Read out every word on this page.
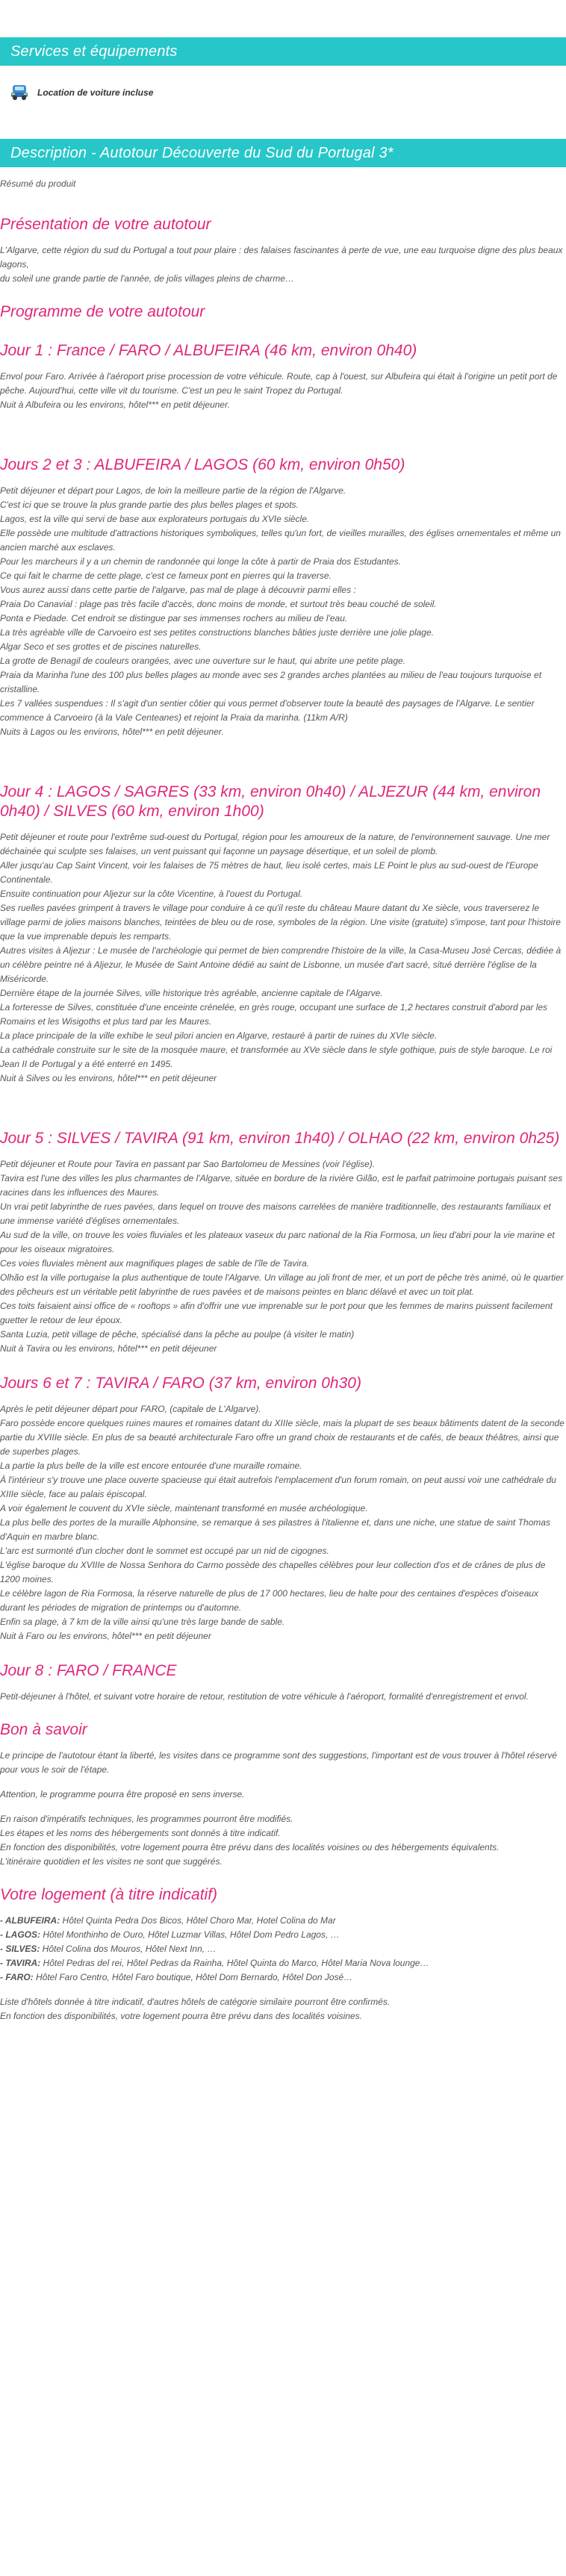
Services et équipements
Location de voiture incluse
Description - Autotour Découverte du Sud du Portugal 3*

Résumé du produit

Présentation de votre autotour
L'Algarve, cette région du sud du Portugal a tout pour plaire : des falaises fascinantes à perte de vue, une eau turquoise digne des plus beaux lagons,
du soleil une grande partie de l'année, de jolis villages pleins de charme…
Programme de votre autotour
Jour 1 : France / FARO / ALBUFEIRA (46 km, environ 0h40)
Envol pour Faro. Arrivée à l'aéroport prise procession de votre véhicule. Route, cap à l'ouest, sur Albufeira qui était à l'origine un petit port de pêche. Aujourd'hui, cette ville vit du tourisme. C'est un peu le saint Tropez du Portugal.
Nuit à Albufeira ou les environs, hôtel*** en petit déjeuner.
Jours 2 et 3 : ALBUFEIRA / LAGOS (60 km, environ 0h50)
Petit déjeuner et départ pour Lagos, de loin la meilleure partie de la région de l'Algarve.
C'est ici que se trouve la plus grande partie des plus belles plages et spots.
Lagos, est la ville qui servi de base aux explorateurs portugais du XVIe siècle.
Elle possède une multitude d'attractions historiques symboliques, telles qu'un fort, de vieilles murailles, des églises ornementales et même un ancien marché aux esclaves.
Pour les marcheurs il y a un chemin de randonnée qui longe la côte à partir de Praia dos Estudantes.
Ce qui fait le charme de cette plage, c'est ce fameux pont en pierres qui la traverse.
Vous aurez aussi dans cette partie de l'algarve, pas mal de plage à découvrir parmi elles :
Praia Do Canavial : plage pas très facile d'accès, donc moins de monde, et surtout très beau couché de soleil.
Ponta e Piedade. Cet endroit se distingue par ses immenses rochers au milieu de l'eau.
La très agréable ville de Carvoeiro est ses petites constructions blanches bâties juste derrière une jolie plage.
Algar Seco et ses grottes et de piscines naturelles.
La grotte de Benagil de couleurs orangées, avec une ouverture sur le haut, qui abrite une petite plage.
Praia da Marinha l'une des 100 plus belles plages au monde avec ses 2 grandes arches plantées au milieu de l'eau toujours turquoise et cristalline.
Les 7 vallées suspendues : Il s'agit d'un sentier côtier qui vous permet d'observer toute la beauté des paysages de l'Algarve. Le sentier commence à Carvoeiro (à la Vale Centeanes) et rejoint la Praia da marinha. (11km A/R)
Nuits à Lagos ou les environs, hôtel*** en petit déjeuner.
Jour 4 : LAGOS / SAGRES (33 km, environ 0h40) / ALJEZUR (44 km, environ 0h40) / SILVES (60 km, environ 1h00)
Petit déjeuner et route pour l'extrême sud-ouest du Portugal, région pour les amoureux de la nature, de l'environnement sauvage. Une mer déchainée qui sculpte ses falaises, un vent puissant qui façonne un paysage désertique, et un soleil de plomb.
Aller jusqu'au Cap Saint Vincent, voir les falaises de 75 mètres de haut, lieu isolé certes, mais LE Point le plus au sud-ouest de l'Europe Continentale.
Ensuite continuation pour Aljezur sur la côte Vicentine, à l'ouest du Portugal.
Ses ruelles pavées grimpent à travers le village pour conduire à ce qu'il reste du château Maure datant du Xe siècle, vous traverserez le village parmi de jolies maisons blanches, teintées de bleu ou de rose, symboles de la région. Une visite (gratuite) s'impose, tant pour l'histoire que la vue imprenable depuis les remparts.
Autres visites à Aljezur : Le musée de l'archéologie qui permet de bien comprendre l'histoire de la ville, la Casa-Museu José Cercas, dédiée à un célèbre peintre né à Aljezur, le Musée de Saint Antoine dédié au saint de Lisbonne, un musée d'art sacré, situé derrière l'église de la Miséricorde.
Dernière étape de la journée Silves, ville historique très agréable, ancienne capitale de l'Algarve.
La forteresse de Silves, constituée d'une enceinte crénelée, en grès rouge, occupant une surface de 1,2 hectares construit d'abord par les Romains et les Wisigoths et plus tard par les Maures.
La place principale de la ville exhibe le seul pilori ancien en Algarve, restauré à partir de ruines du XVIe siècle.
La cathédrale construite sur le site de la mosquée maure, et transformée au XVe siècle dans le style gothique, puis de style baroque. Le roi Jean II de Portugal y a été enterré en 1495.
Nuit à Silves ou les environs, hôtel*** en petit déjeuner
Jour 5 : SILVES / TAVIRA (91 km, environ 1h40) / OLHAO (22 km, environ 0h25)
Petit déjeuner et Route pour Tavira en passant par Sao Bartolomeu de Messines (voir l'église).
Tavira est l'une des villes les plus charmantes de l'Algarve, située en bordure de la rivière Gilão, est le parfait patrimoine portugais puisant ses racines dans les influences des Maures.
Un vrai petit labyrinthe de rues pavées, dans lequel on trouve des maisons carrelées de manière traditionnelle, des restaurants familiaux et une immense variété d'églises ornementales.
Au sud de la ville, on trouve les voies fluviales et les plateaux vaseux du parc national de la Ria Formosa, un lieu d'abri pour la vie marine et pour les oiseaux migratoires.
Ces voies fluviales mènent aux magnifiques plages de sable de l'île de Tavira.
Olhão est la ville portugaise la plus authentique de toute l'Algarve. Un village au joli front de mer, et un port de pêche très animé, où le quartier des pêcheurs est un véritable petit labyrinthe de rues pavées et de maisons peintes en blanc délavé et avec un toit plat.
Ces toits faisaient ainsi office de « rooftops » afin d'offrir une vue imprenable sur le port pour que les femmes de marins puissent facilement guetter le retour de leur époux.
Santa Luzia, petit village de pêche, spécialisé dans la pêche au poulpe (à visiter le matin)
Nuit à Tavira ou les environs, hôtel*** en petit déjeuner
Jours 6 et 7 : TAVIRA / FARO (37 km, environ 0h30)
Après le petit déjeuner départ pour FARO, (capitale de L'Algarve).
Faro possède encore quelques ruines maures et romaines datant du XIIIe siècle, mais la plupart de ses beaux bâtiments datent de la seconde partie du XVIIIe siècle. En plus de sa beauté architecturale Faro offre un grand choix de restaurants et de cafés, de beaux théâtres, ainsi que de superbes plages.
La partie la plus belle de la ville est encore entourée d'une muraille romaine.
À l'intérieur s'y trouve une place ouverte spacieuse qui était autrefois l'emplacement d'un forum romain, on peut aussi voir une cathédrale du XIIIe siècle, face au palais épiscopal.
A voir également le couvent du XVIe siècle, maintenant transformé en musée archéologique.
La plus belle des portes de la muraille Alphonsine, se remarque à ses pilastres à l'italienne et, dans une niche, une statue de saint Thomas d'Aquin en marbre blanc.
L'arc est surmonté d'un clocher dont le sommet est occupé par un nid de cigognes.
L'église baroque du XVIIIe de Nossa Senhora do Carmo possède des chapelles célèbres pour leur collection d'os et de crânes de plus de 1200 moines.
Le célèbre lagon de Ria Formosa, la réserve naturelle de plus de 17 000 hectares, lieu de halte pour des centaines d'espèces d'oiseaux durant les périodes de migration de printemps ou d'automne.
Enfin sa plage, à 7 km de la ville ainsi qu'une très large bande de sable.
Nuit à Faro ou les environs, hôtel*** en petit déjeuner
Jour 8 : FARO / FRANCE
Petit-déjeuner à l'hôtel, et suivant votre horaire de retour, restitution de votre véhicule à l'aéroport, formalité d'enregistrement et envol.
Bon à savoir
Le principe de l'autotour étant la liberté, les visites dans ce programme sont des suggestions, l'important est de vous trouver à l'hôtel réservé pour vous le soir de l'étape.
Attention, le programme pourra être proposé en sens inverse.
En raison d'impératifs techniques, les programmes pourront être modifiés.
Les étapes et les noms des hébergements sont donnés à titre indicatif.
En fonction des disponibilités, votre logement pourra être prévu dans des localités voisines ou des hébergements équivalents.
L'itinéraire quotidien et les visites ne sont que suggérés.
Votre logement (à titre indicatif)
- ALBUFEIRA: Hôtel Quinta Pedra Dos Bicos, Hôtel Choro Mar, Hotel Colina do Mar
- LAGOS: Hôtel Monthinho de Ouro, Hôtel Luzmar Villas, Hôtel Dom Pedro Lagos, …
- SILVES: Hôtel Colina dos Mouros, Hôtel Next Inn, …
- TAVIRA: Hôtel Pedras del rei, Hôtel Pedras da Rainha, Hôtel Quinta do Marco, Hôtel Maria Nova lounge…
- FARO: Hôtel Faro Centro, Hôtel Faro boutique, Hôtel Dom Bernardo, Hôtel Don José…
Liste d'hôtels donnée à titre indicatif, d'autres hôtels de catégorie similaire pourront être confirmés.
En fonction des disponibilités, votre logement pourra être prévu dans des localités voisines.
